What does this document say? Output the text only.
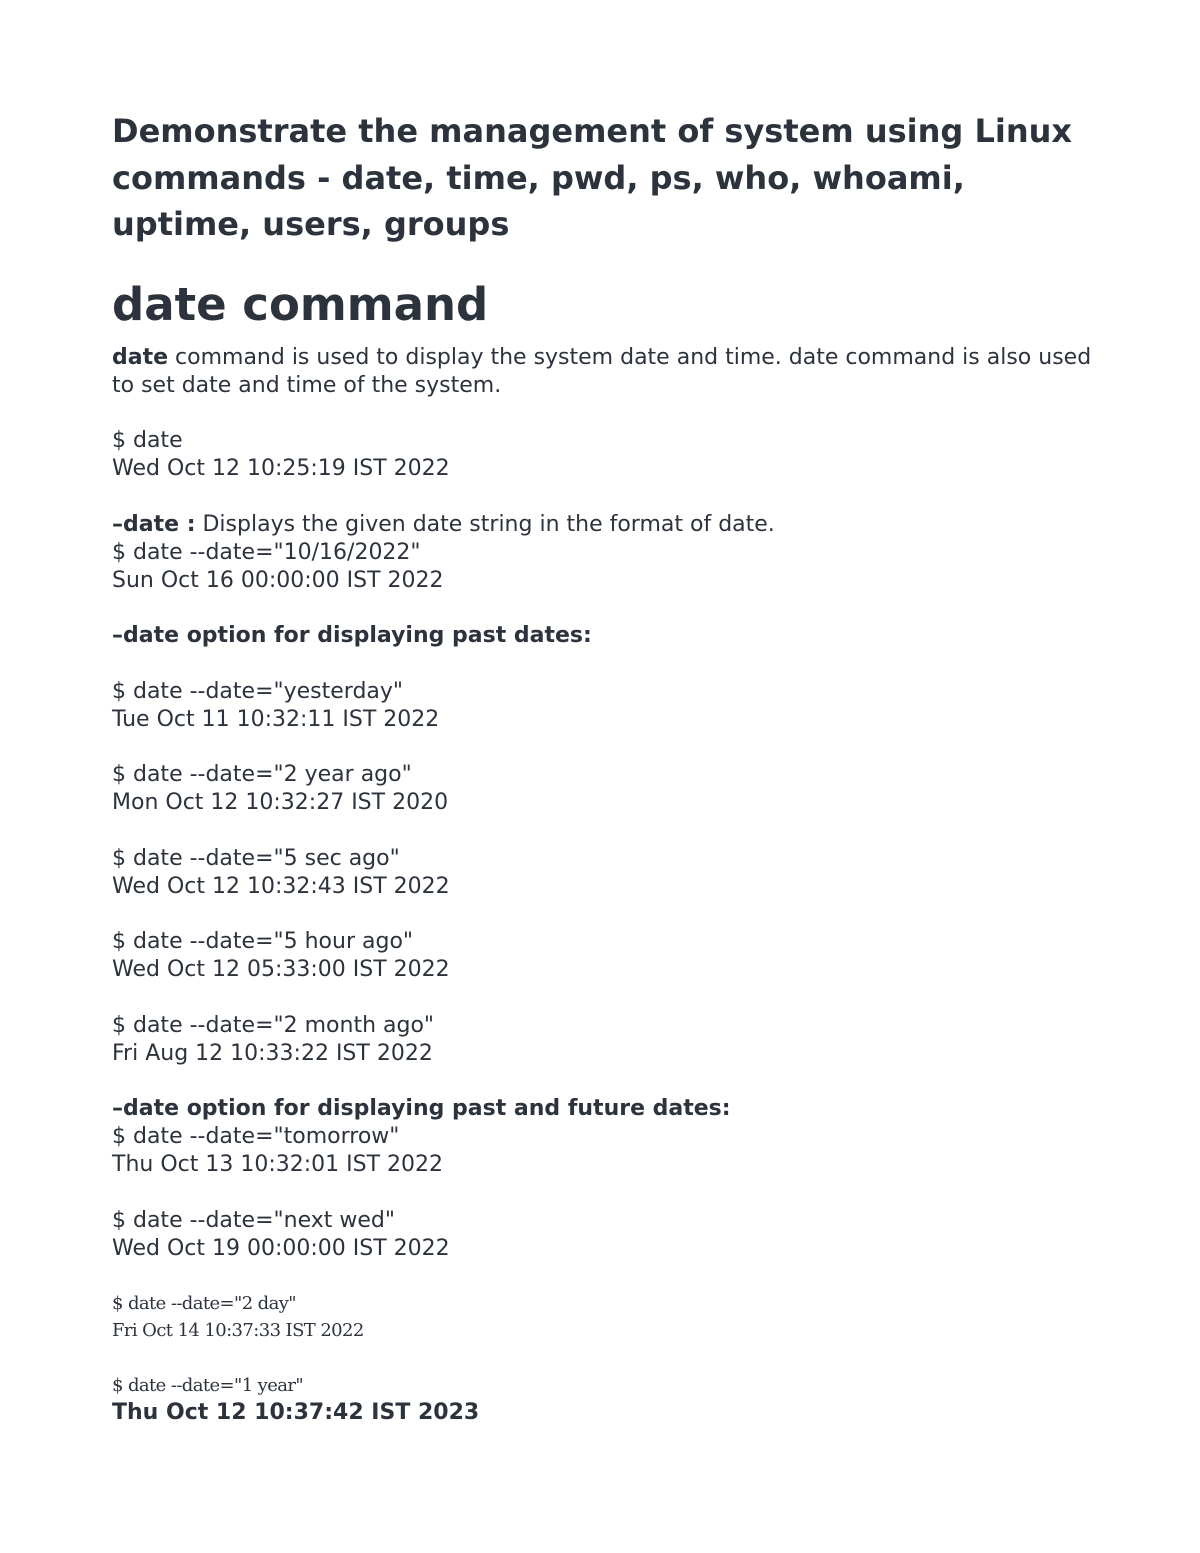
Demonstrate the management of system using Linux commands - date, time, pwd, ps, who, whoami, uptime, users, groups
date command

date command is used to display the system date and time. date command is also used to set date and time of the system.

$ date
Wed Oct 12 10:25:19 IST 2022
–date : Displays the given date string in the format of date.
$ date --date="10/16/2022"
Sun Oct 16 00:00:00 IST 2022
–date option for displaying past dates:
$ date --date="yesterday"
Tue Oct 11 10:32:11 IST 2022
$ date --date="2 year ago"
Mon Oct 12 10:32:27 IST 2020
$ date --date="5 sec ago"
Wed Oct 12 10:32:43 IST 2022
$ date --date="5 hour ago"
Wed Oct 12 05:33:00 IST 2022
$ date --date="2 month ago"
Fri Aug 12 10:33:22 IST 2022
–date option for displaying past and future dates:
$ date --date="tomorrow"
Thu Oct 13 10:32:01 IST 2022
$ date --date="next wed"
Wed Oct 19 00:00:00 IST 2022
$ date --date="2 day"
Fri Oct 14 10:37:33 IST 2022
$ date --date="1 year"
Thu Oct 12 10:37:42 IST 2023
